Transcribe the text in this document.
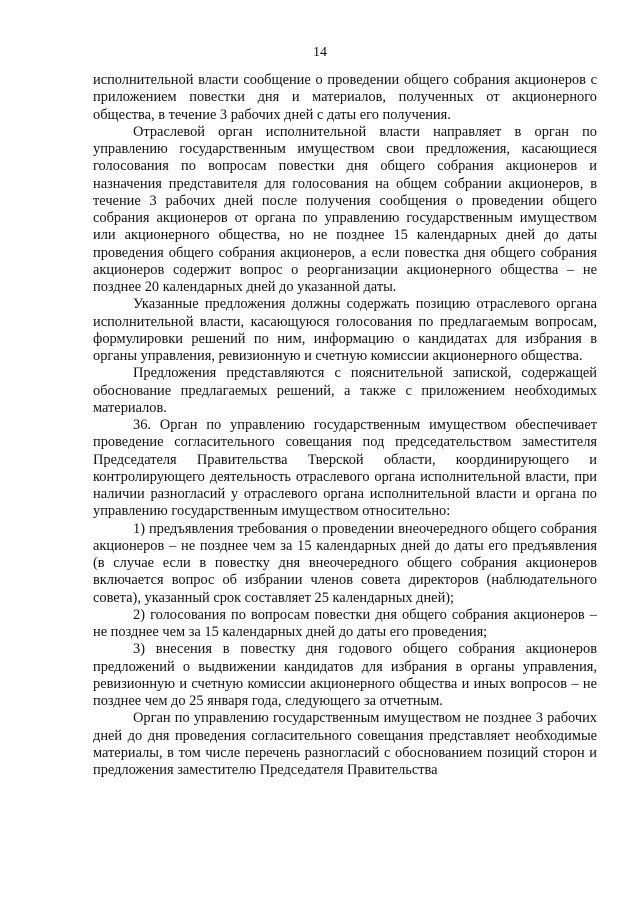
14

исполнительной власти сообщение о проведении общего собрания акционеров с приложением повестки дня и материалов, полученных от акционерного общества, в течение 3 рабочих дней с даты его получения.

Отраслевой орган исполнительной власти направляет в орган по управлению государственным имуществом свои предложения, касающиеся голосования по вопросам повестки дня общего собрания акционеров и назначения представителя для голосования на общем собрании акционеров, в течение 3 рабочих дней после получения сообщения о проведении общего собрания акционеров от органа по управлению государственным имуществом или акционерного общества, но не позднее 15 календарных дней до даты проведения общего собрания акционеров, а если повестка дня общего собрания акционеров содержит вопрос о реорганизации акционерного общества – не позднее 20 календарных дней до указанной даты.

Указанные предложения должны содержать позицию отраслевого органа исполнительной власти, касающуюся голосования по предлагаемым вопросам, формулировки решений по ним, информацию о кандидатах для избрания в органы управления, ревизионную и счетную комиссии акционерного общества.

Предложения представляются с пояснительной запиской, содержащей обоснование предлагаемых решений, а также с приложением необходимых материалов.

36. Орган по управлению государственным имуществом обеспечивает проведение согласительного совещания под председательством заместителя Председателя Правительства Тверской области, координирующего и контролирующего деятельность отраслевого органа исполнительной власти, при наличии разногласий у отраслевого органа исполнительной власти и органа по управлению государственным имуществом относительно:

1) предъявления требования о проведении внеочередного общего собрания акционеров – не позднее чем за 15 календарных дней до даты его предъявления (в случае если в повестку дня внеочередного общего собрания акционеров включается вопрос об избрании членов совета директоров (наблюдательного совета), указанный срок составляет 25 календарных дней);

2) голосования по вопросам повестки дня общего собрания акционеров – не позднее чем за 15 календарных дней до даты его проведения;

3) внесения в повестку дня годового общего собрания акционеров предложений о выдвижении кандидатов для избрания в органы управления, ревизионную и счетную комиссии акционерного общества и иных вопросов – не позднее чем до 25 января года, следующего за отчетным.

Орган по управлению государственным имуществом не позднее 3 рабочих дней до дня проведения согласительного совещания представляет необходимые материалы, в том числе перечень разногласий с обоснованием позиций сторон и предложения заместителю Председателя Правительства
